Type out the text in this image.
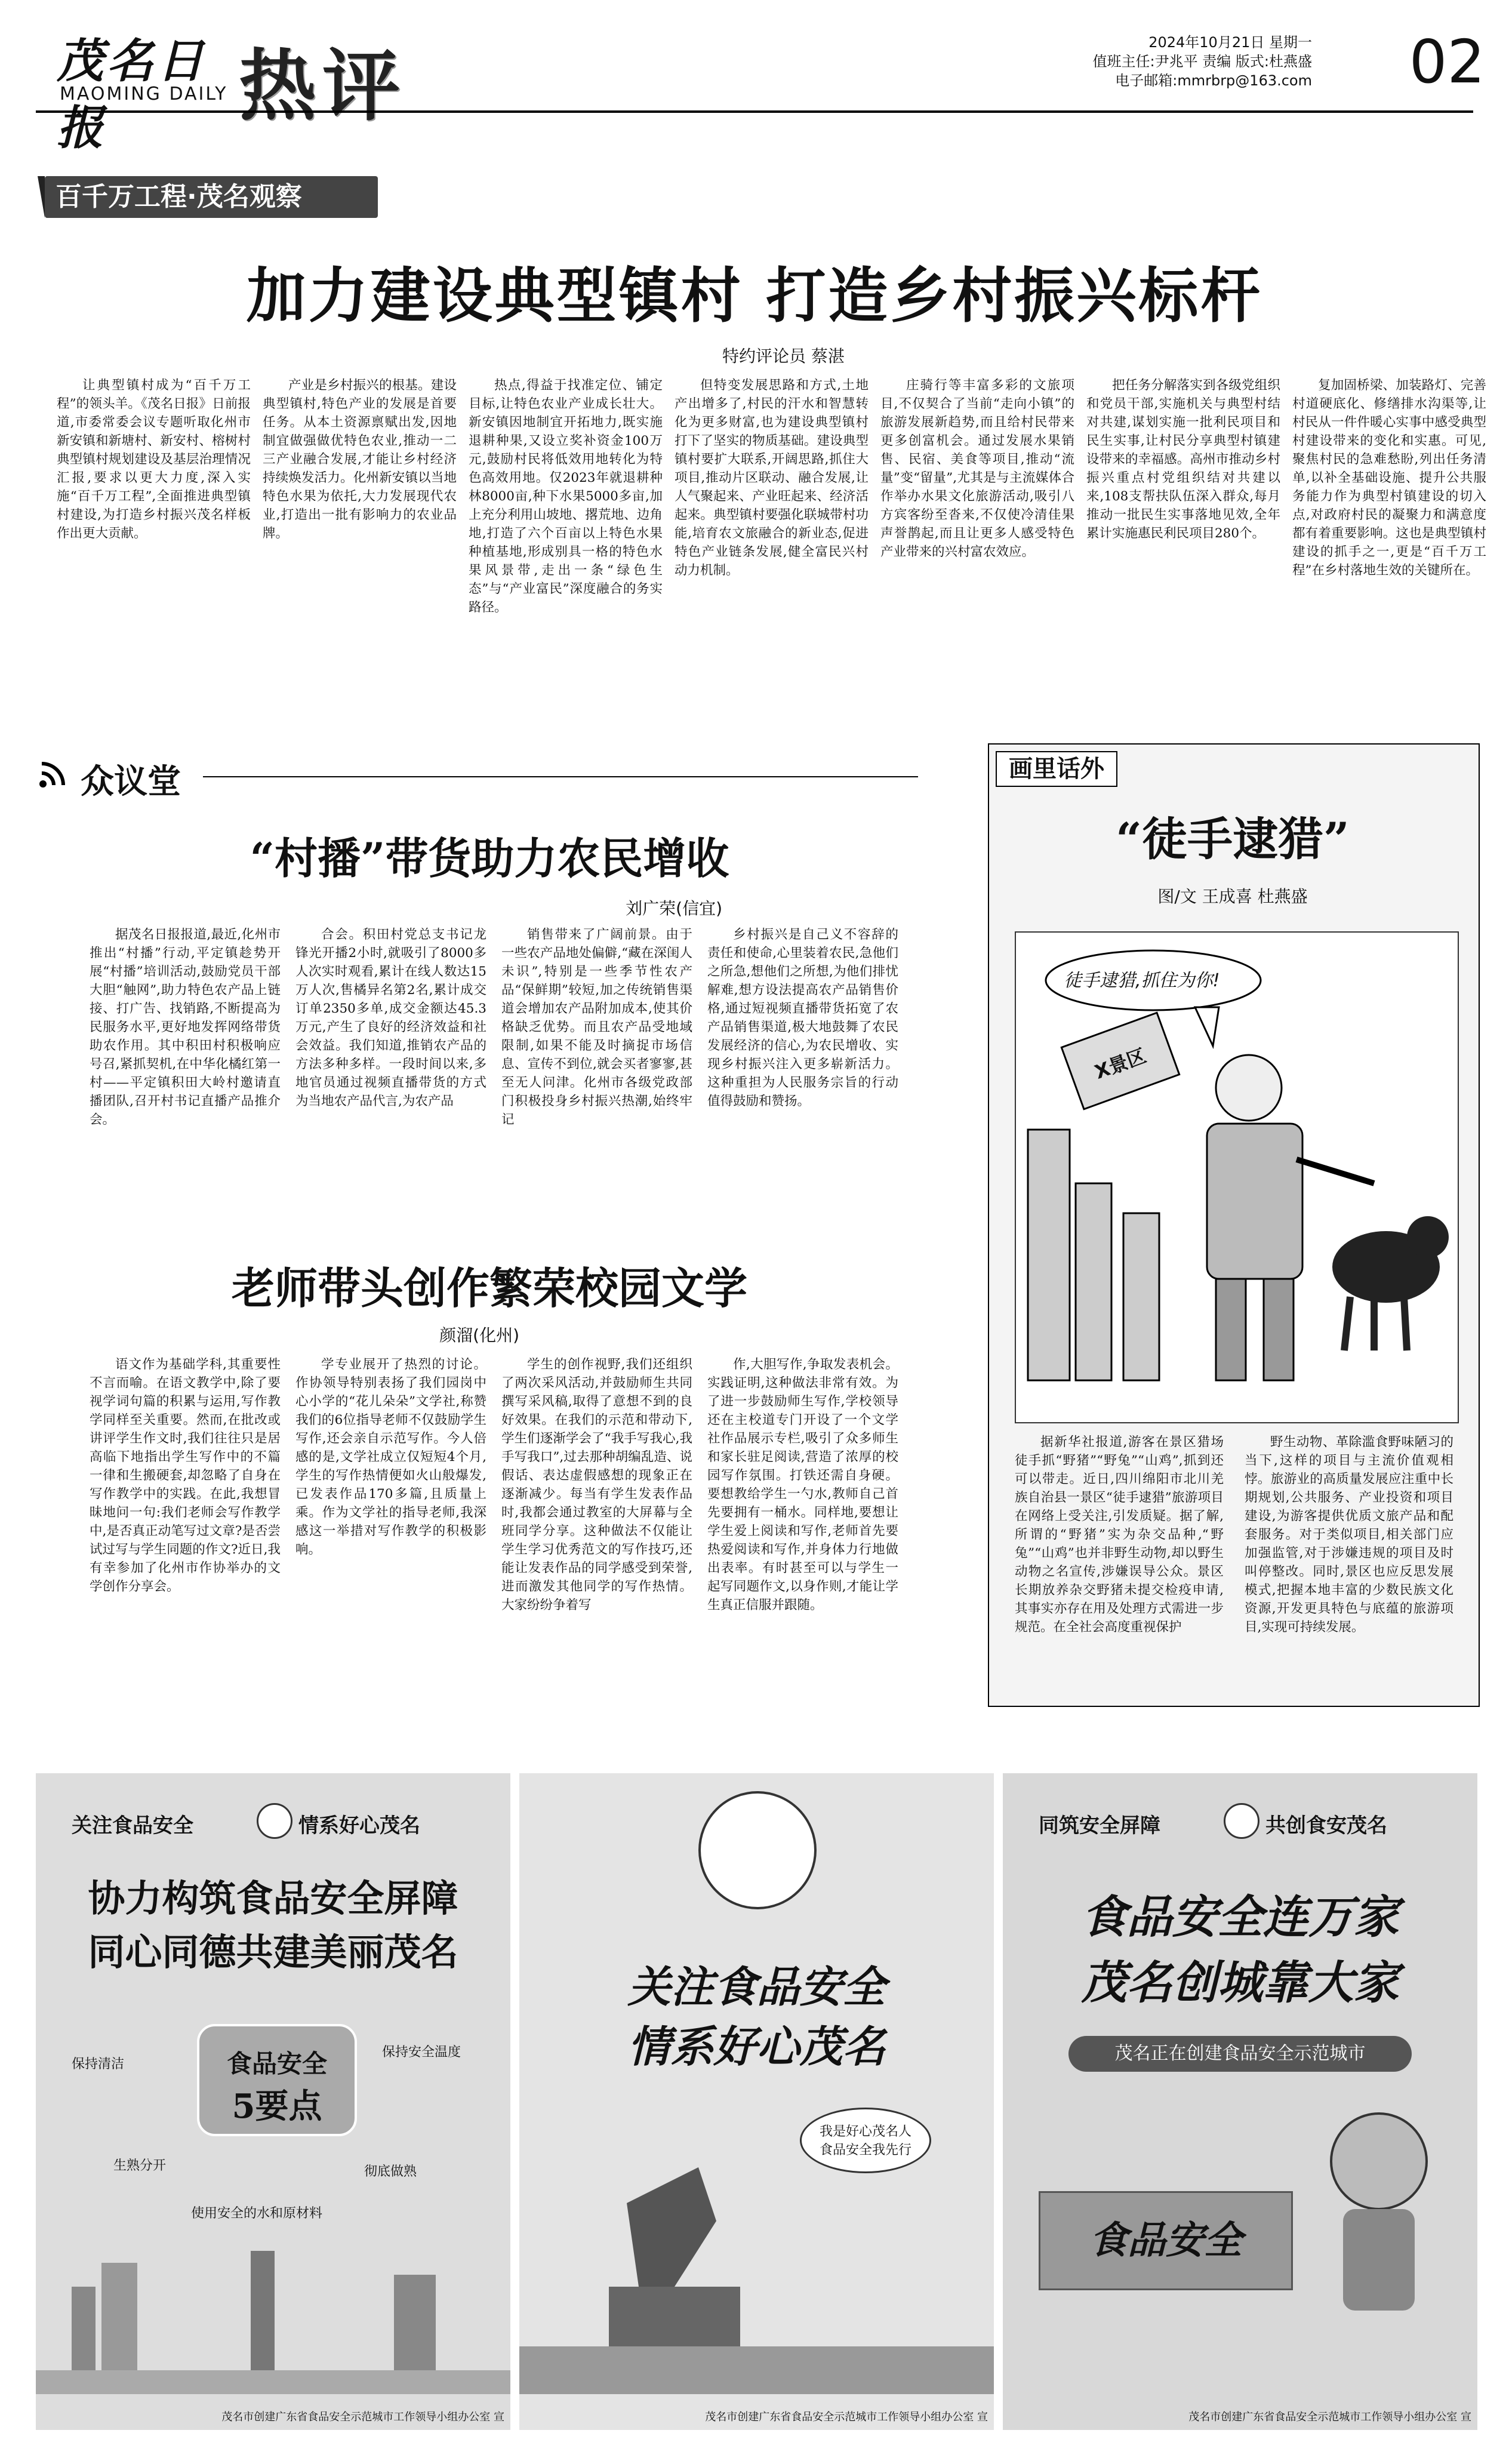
茂名日报
MAOMING DAILY 热评	2024年10月21日 星期一
值班主任:尹兆平 责编 版式:杜燕盛
电子邮箱:mmrbrp@163.com 02
百千万工程·茂名观察
加力建设典型镇村 打造乡村振兴标杆
特约评论员 蔡湛
让典型镇村成为“百千万工程”的领头羊。《茂名日报》日前报道,市委常委会议专题听取化州市新安镇和新塘村、新安村、榕树村典型镇村规划建设及基层治理情况汇报,要求以更大力度,深入实施“百千万工程”,全面推进典型镇村建设,为打造乡村振兴茂名样板作出更大贡献。
产业是乡村振兴的根基。建设典型镇村,特色产业的发展是首要任务。从本土资源禀赋出发,因地制宜做强做优特色农业,推动一二三产业融合发展,才能让乡村经济持续焕发活力。化州新安镇以当地特色水果为依托,大力发展现代农业,打造出一批有影响力的农业品牌。
热点,得益于找准定位、铺定目标,让特色农业产业成长壮大。新安镇因地制宜开拓地力,既实施退耕种果,又设立奖补资金100万元,鼓励村民将低效用地转化为特色高效用地。仅2023年就退耕种林8000亩,种下水果5000多亩,加上充分利用山坡地、撂荒地、边角地,打造了六个百亩以上特色水果种植基地,形成别具一格的特色水果风景带,走出一条“绿色生态”与“产业富民”深度融合的务实路径。
但特变发展思路和方式,土地产出增多了,村民的汗水和智慧转化为更多财富,也为建设典型镇村打下了坚实的物质基础。建设典型镇村要扩大联系,开阔思路,抓住大项目,推动片区联动、融合发展,让人气聚起来、产业旺起来、经济活起来。典型镇村要强化联城带村功能,培育农文旅融合的新业态,促进特色产业链条发展,健全富民兴村动力机制。
庄骑行等丰富多彩的文旅项目,不仅契合了当前“走向小镇”的旅游发展新趋势,而且给村民带来更多创富机会。通过发展水果销售、民宿、美食等项目,推动“流量”变“留量”,尤其是与主流媒体合作举办水果文化旅游活动,吸引八方宾客纷至沓来,不仅使冷清佳果声誉鹊起,而且让更多人感受特色产业带来的兴村富农效应。
把任务分解落实到各级党组织和党员干部,实施机关与典型村结对共建,谋划实施一批利民项目和民生实事,让村民分享典型村镇建设带来的幸福感。高州市推动乡村振兴重点村党组织结对共建以来,108支帮扶队伍深入群众,每月推动一批民生实事落地见效,全年累计实施惠民利民项目280个。
复加固桥梁、加装路灯、完善村道硬底化、修缮排水沟渠等,让村民从一件件暖心实事中感受典型村建设带来的变化和实惠。可见,聚焦村民的急难愁盼,列出任务清单,以补全基础设施、提升公共服务能力作为典型村镇建设的切入点,对政府村民的凝聚力和满意度都有着重要影响。这也是典型镇村建设的抓手之一,更是“百千万工程”在乡村落地生效的关键所在。
众议堂
“村播”带货助力农民增收
刘广荣(信宜)
据茂名日报报道,最近,化州市推出“村播”行动,平定镇趁势开展“村播”培训活动,鼓励党员干部大胆“触网”,助力特色农产品上链接、打广告、找销路,不断提高为民服务水平,更好地发挥网络带货助农作用。其中积田村积极响应号召,紧抓契机,在中华化橘红第一村——平定镇积田大岭村邀请直播团队,召开村书记直播产品推介会。
合会。积田村党总支书记龙锋光开播2小时,就吸引了8000多人次实时观看,累计在线人数达15万人次,售橘异名第2名,累计成交订单2350多单,成交金额达45.3万元,产生了良好的经济效益和社会效益。我们知道,推销农产品的方法多种多样。一段时间以来,多地官员通过视频直播带货的方式为当地农产品代言,为农产品
销售带来了广阔前景。由于一些农产品地处偏僻,“藏在深闺人未识”,特别是一些季节性农产品“保鲜期”较短,加之传统销售渠道会增加农产品附加成本,使其价格缺乏优势。而且农产品受地域限制,如果不能及时摘捉市场信息、宣传不到位,就会买者寥寥,甚至无人问津。化州市各级党政部门积极投身乡村振兴热潮,始终牢记
乡村振兴是自己义不容辞的责任和使命,心里装着农民,急他们之所急,想他们之所想,为他们排忧解难,想方设法提高农产品销售价格,通过短视频直播带货拓宽了农产品销售渠道,极大地鼓舞了农民发展经济的信心,为农民增收、实现乡村振兴注入更多崭新活力。这种重担为人民服务宗旨的行动值得鼓励和赞扬。
老师带头创作繁荣校园文学
颜溜(化州)
语文作为基础学科,其重要性不言而喻。在语文教学中,除了要视学词句篇的积累与运用,写作教学同样至关重要。然而,在批改或讲评学生作文时,我们往往只是居高临下地指出学生写作中的不篇一律和生搬硬套,却忽略了自身在写作教学中的实践。在此,我想冒昧地问一句:我们老师会写作教学中,是否真正动笔写过文章?是否尝试过写与学生同题的作文?近日,我有幸参加了化州市作协举办的文学创作分享会。
学专业展开了热烈的讨论。作协领导特别表扬了我们园岗中心小学的“花儿朵朵”文学社,称赞我们的6位指导老师不仅鼓励学生写作,还会亲自示范写作。今人倍感的是,文学社成立仅短短4个月,学生的写作热情便如火山般爆发,已发表作品170多篇,且质量上乘。作为文学社的指导老师,我深感这一举措对写作教学的积极影响。
学生的创作视野,我们还组织了两次采风活动,并鼓励师生共同撰写采风稿,取得了意想不到的良好效果。在我们的示范和带动下,学生们逐渐学会了“我手写我心,我手写我口”,过去那种胡编乱造、说假话、表达虚假感想的现象正在逐渐减少。每当有学生发表作品时,我都会通过教室的大屏幕与全班同学分享。这种做法不仅能让学生学习优秀范文的写作技巧,还能让发表作品的同学感受到荣誉,进而激发其他同学的写作热情。大家纷纷争着写
作,大胆写作,争取发表机会。实践证明,这种做法非常有效。为了进一步鼓励师生写作,学校领导还在主校道专门开设了一个文学社作品展示专栏,吸引了众多师生和家长驻足阅读,营造了浓厚的校园写作氛围。打铁还需自身硬。要想教给学生一勺水,教师自己首先要拥有一桶水。同样地,要想让学生爱上阅读和写作,老师首先要热爱阅读和写作,并身体力行地做出表率。有时甚至可以与学生一起写同题作文,以身作则,才能让学生真正信服并跟随。
画里话外
“徒手逮猎”
图/文 王成喜 杜燕盛
徒手逮猎,抓住为你!
X景区
据新华社报道,游客在景区猎场徒手抓“野猪”“野兔”“山鸡”,抓到还可以带走。近日,四川绵阳市北川羌族自治县一景区“徒手逮猎”旅游项目在网络上受关注,引发质疑。据了解,所谓的“野猪”实为杂交品种,“野兔”“山鸡”也并非野生动物,却以野生动物之名宣传,涉嫌误导公众。景区长期放养杂交野猪未提交检疫申请,其事实亦存在用及处理方式需进一步规范。在全社会高度重视保护
野生动物、革除滥食野味陋习的当下,这样的项目与主流价值观相悖。旅游业的高质量发展应注重中长期规划,公共服务、产业投资和项目建设,为游客提供优质文旅产品和配套服务。对于类似项目,相关部门应加强监管,对于涉嫌违规的项目及时叫停整改。同时,景区也应反思发展模式,把握本地丰富的少数民族文化资源,开发更具特色与底蕴的旅游项目,实现可持续发展。
关注食品安全	情系好心茂名
协力构筑食品安全屏障
同心同德共建美丽茂名
食品安全
5要点
保持清洁
保持安全温度
生熟分开	彻底做熟
使用安全的水和原材料
茂名市创建广东省食品安全示范城市工作领导小组办公室 宣
关注食品安全
情系好心茂名
我是好心茂名人 食品安全我先行
茂名市创建广东省食品安全示范城市工作领导小组办公室 宣
同筑安全屏障	共创食安茂名
食品安全连万家
茂名创城靠大家
茂名正在创建食品安全示范城市
食品安全
茂名市创建广东省食品安全示范城市工作领导小组办公室 宣
